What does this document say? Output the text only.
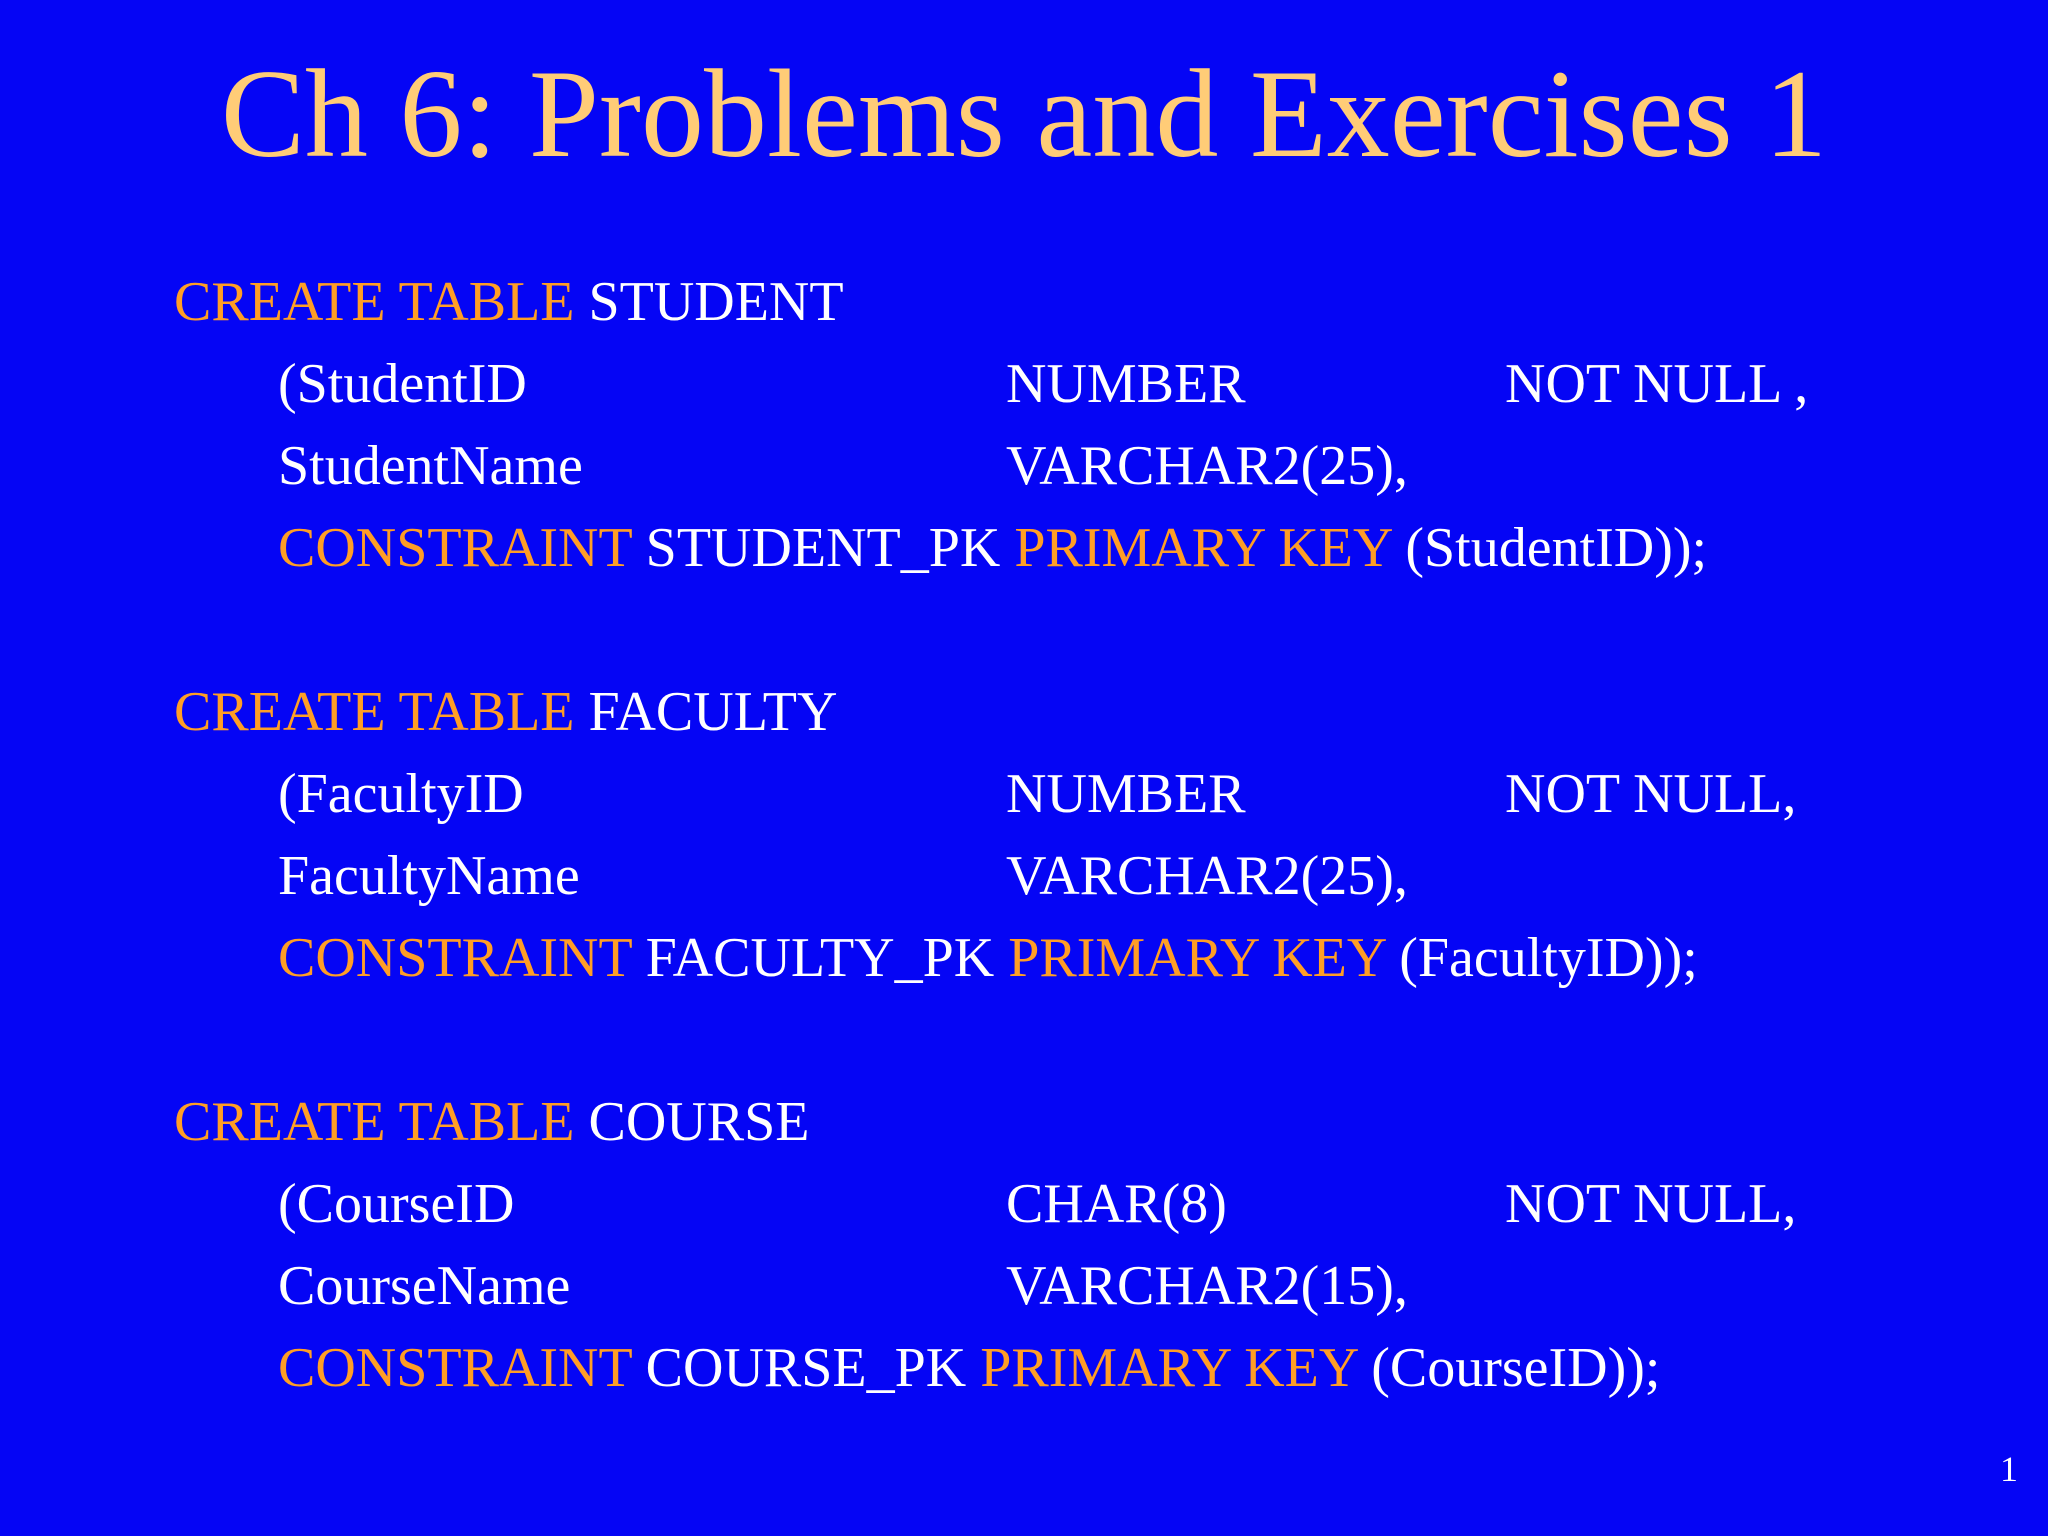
Ch 6: Problems and Exercises 1
CREATE TABLE STUDENT
(StudentID	NUMBER	NOT NULL ,
StudentName	VARCHAR2(25),
CONSTRAINT STUDENT_PK PRIMARY KEY (StudentID));
CREATE TABLE FACULTY
(FacultyID	NUMBER	NOT NULL,
FacultyName	VARCHAR2(25),
CONSTRAINT FACULTY_PK PRIMARY KEY (FacultyID));
CREATE TABLE COURSE
(CourseID	CHAR(8)	NOT NULL,
CourseName	VARCHAR2(15),
CONSTRAINT COURSE_PK PRIMARY KEY (CourseID));
1
